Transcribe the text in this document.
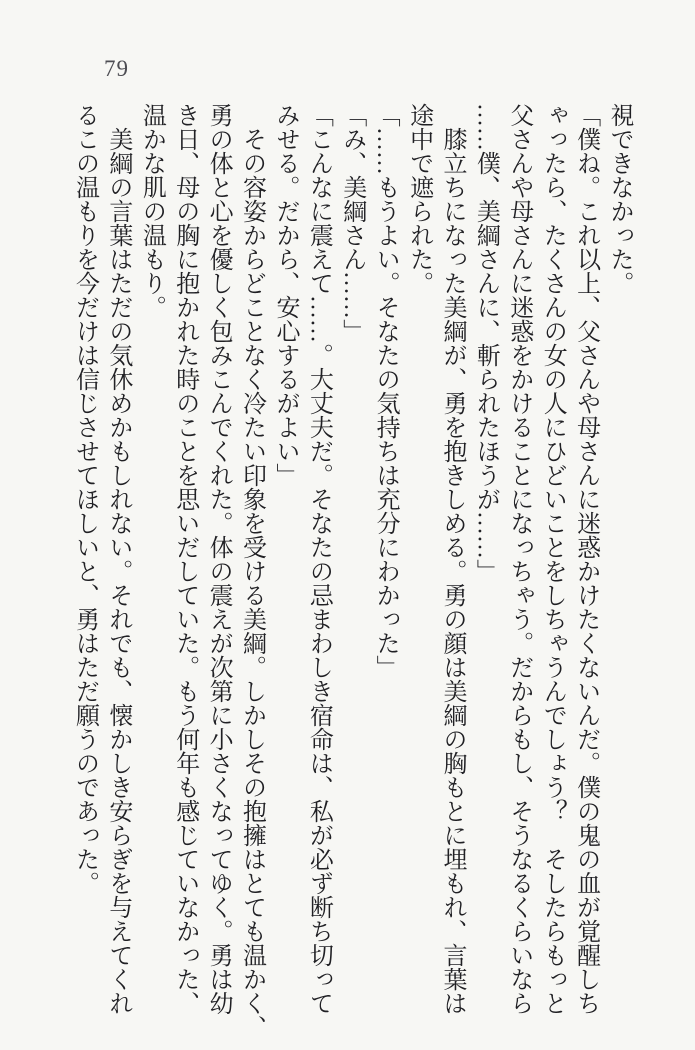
79

視できなかった。

「僕ね。これ以上、父さんや母さんに迷惑かけたくないんだ。僕の鬼の血が覚醒しち

ゃったら、たくさんの女の人にひどいことをしちゃうんでしょう？　そしたらもっと

父さんや母さんに迷惑をかけることになっちゃう。だからもし、そうなるくらいなら

……僕、美綱さんに、斬られたほうが……」

　膝立ちになった美綱が、勇を抱きしめる。勇の顔は美綱の胸もとに埋もれ、言葉は

途中で遮られた。

「……もうよい。そなたの気持ちは充分にわかった」

「み、美綱さん……」

「こんなに震えて……。大丈夫だ。そなたの忌まわしき宿命は、私が必ず断ち切って

みせる。だから、安心するがよい」

　その容姿からどことなく冷たい印象を受ける美綱。しかしその抱擁はとても温かく、

勇の体と心を優しく包みこんでくれた。体の震えが次第に小さくなってゆく。勇は幼

き日、母の胸に抱かれた時のことを思いだしていた。もう何年も感じていなかった、

温かな肌の温もり。

　美綱の言葉はただの気休めかもしれない。それでも、懐かしき安らぎを与えてくれ

るこの温もりを今だけは信じさせてほしいと、勇はただ願うのであった。
